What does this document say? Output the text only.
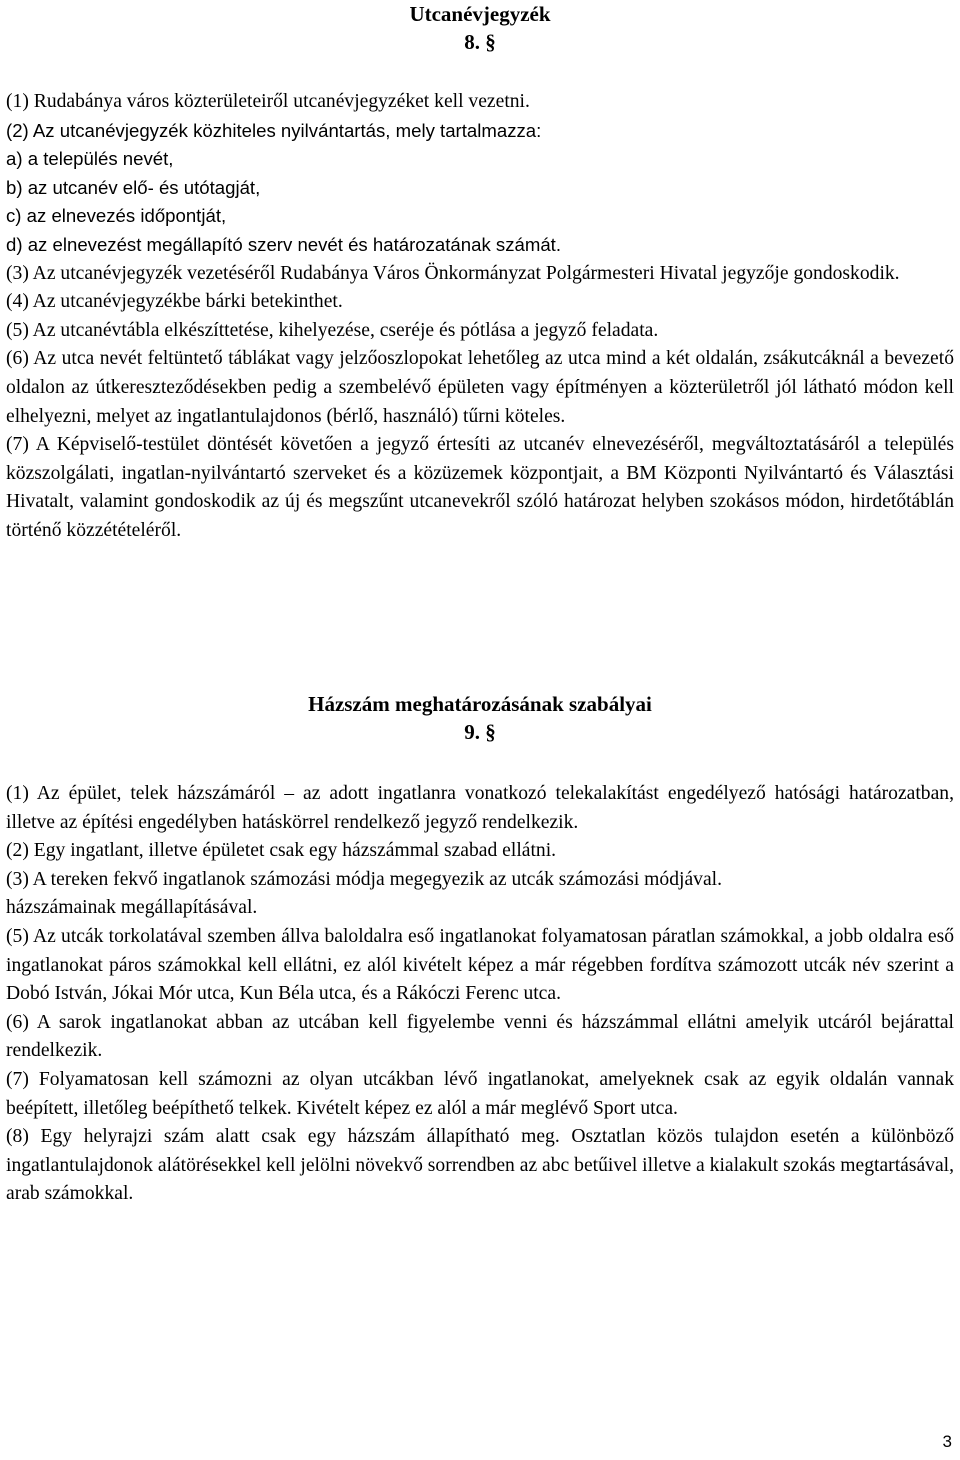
Utcanévjegyzék
8. §

(1) Rudabánya város közterületeiről utcanévjegyzéket kell vezetni.

(2) Az utcanévjegyzék közhiteles nyilvántartás, mely tartalmazza:

a) a település nevét,

b) az utcanév elő- és utótagját,

c) az elnevezés időpontját,

d) az elnevezést megállapító szerv nevét és határozatának számát.

(3) Az utcanévjegyzék vezetéséről Rudabánya Város Önkormányzat Polgármesteri Hivatal jegyzője gondoskodik.

(4) Az utcanévjegyzékbe bárki betekinthet.

(5) Az utcanévtábla elkészíttetése, kihelyezése, cseréje és pótlása a jegyző feladata.

(6) Az utca nevét feltüntető táblákat vagy jelzőoszlopokat lehetőleg az utca mind a két oldalán, zsákutcáknál a bevezető oldalon az útkereszteződésekben pedig a szembelévő épületen vagy építményen a közterületről jól látható módon kell elhelyezni, melyet az ingatlantulajdonos (bérlő, használó) tűrni köteles.

(7) A Képviselő-testület döntését követően a jegyző értesíti az utcanév elnevezéséről, megváltoztatásáról a település közszolgálati, ingatlan-nyilvántartó szerveket és a közüzemek központjait, a BM Központi Nyilvántartó és Választási Hivatalt, valamint gondoskodik az új és megszűnt utcanevekről szóló határozat helyben szokásos módon, hirdetőtáblán történő közzétételéről.

Házszám meghatározásának szabályai
9. §

(1) Az épület, telek házszámáról – az adott ingatlanra vonatkozó telekalakítást engedélyező hatósági határozatban, illetve az építési engedélyben hatáskörrel rendelkező jegyző rendelkezik.

(2) Egy ingatlant, illetve épületet csak egy házszámmal szabad ellátni.

(3) A tereken fekvő ingatlanok számozási módja megegyezik az utcák számozási módjával.

házszámainak megállapításával.

(5) Az utcák torkolatával szemben állva baloldalra eső ingatlanokat folyamatosan páratlan számokkal, a jobb oldalra eső ingatlanokat páros számokkal kell ellátni, ez alól kivételt képez a már régebben fordítva számozott utcák név szerint a Dobó István, Jókai Mór utca, Kun Béla utca, és a Rákóczi Ferenc utca.

(6) A sarok ingatlanokat abban az utcában kell figyelembe venni és házszámmal ellátni amelyik utcáról bejárattal rendelkezik.

(7) Folyamatosan kell számozni az olyan utcákban lévő ingatlanokat, amelyeknek csak az egyik oldalán vannak beépített, illetőleg beépíthető telkek. Kivételt képez ez alól a már meglévő Sport utca.

(8) Egy helyrajzi szám alatt csak egy házszám állapítható meg. Osztatlan közös tulajdon esetén a különböző ingatlantulajdonok alátörésekkel kell jelölni növekvő sorrendben az abc betűivel illetve a kialakult szokás megtartásával, arab számokkal.

3
